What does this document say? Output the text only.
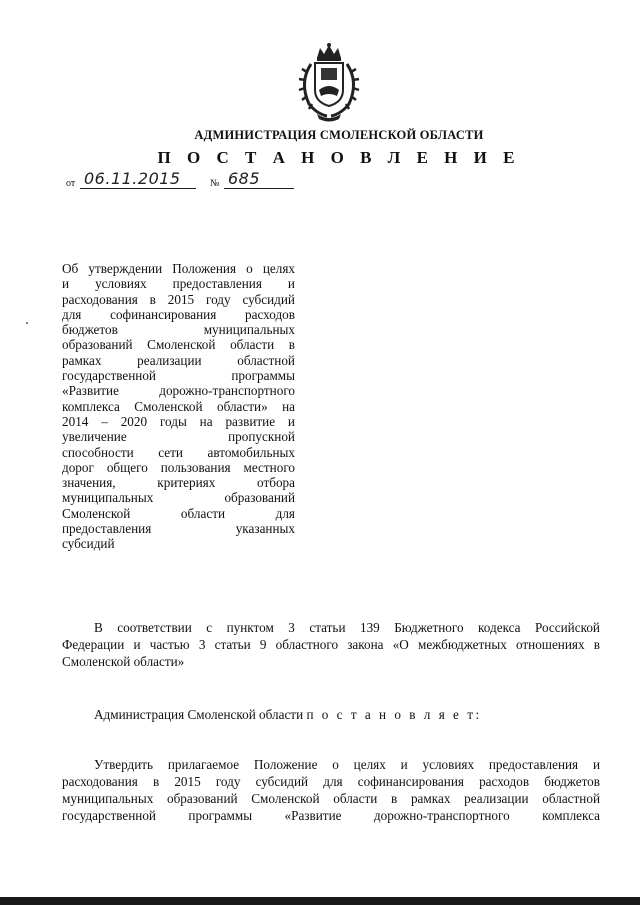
АДМИНИСТРАЦИЯ СМОЛЕНСКОЙ ОБЛАСТИ
П О С Т А Н О В Л Е Н И Е
от 06.11.2015	№ 685
Об утверждении Положения о целях
и условиях предоставления и
расходования в 2015 году субсидий
для софинансирования расходов
бюджетов муниципальных
образований Смоленской области в
рамках реализации областной
государственной программы
«Развитие дорожно-транспортного
комплекса Смоленской области» на
2014 – 2020 годы на развитие и
увеличение пропускной
способности сети автомобильных
дорог общего пользования местного
значения, критериях отбора
муниципальных образований
Смоленской области для
предоставления указанных
субсидий
В соответствии с пунктом 3 статьи 139 Бюджетного кодекса Российской
Федерации и частью 3 статьи 9 областного закона «О межбюджетных отношениях в
Смоленской области»
Администрация Смоленской области п о с т а н о в л я е т:
Утвердить прилагаемое Положение о целях и условиях предоставления и
расходования в 2015 году субсидий для софинансирования расходов бюджетов
муниципальных образований Смоленской области в рамках реализации областной
государственной программы «Развитие дорожно-транспортного комплекса
